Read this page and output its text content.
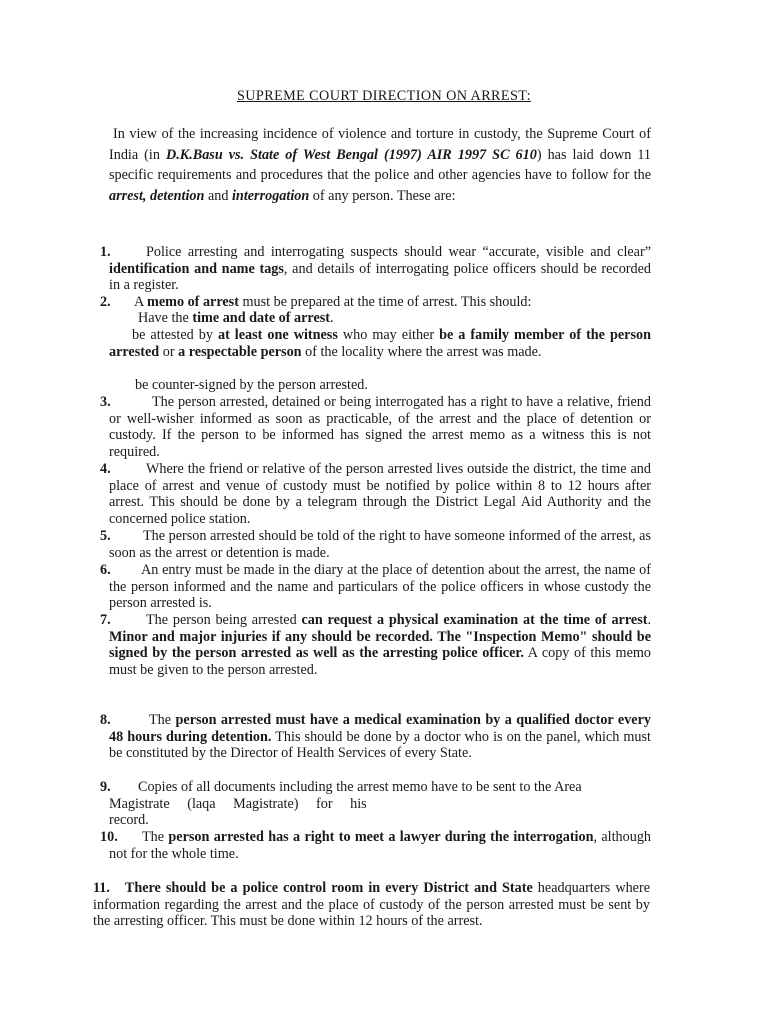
SUPREME COURT DIRECTION ON ARREST:

In view of the increasing incidence of violence and torture in custody, the Supreme Court of India (in D.K.Basu vs. State of West Bengal (1997) AIR 1997 SC 610) has laid down 11 specific requirements and procedures that the police and other agencies have to follow for the arrest, detention and interrogation of any person. These are:

1.	Police arresting and interrogating suspects should wear “accurate, visible and clear” identification and name tags, and details of interrogating police officers should be recorded in a register.

2.	A memo of arrest must be prepared at the time of arrest. This should:

Have the time and date of arrest.

be attested by at least one witness who may either be a family member of the person arrested or a respectable person of the locality where the arrest was made.

be counter-signed by the person arrested.
3.	The person arrested, detained or being interrogated has a right to have a relative, friend or well-wisher informed as soon as practicable, of the arrest and the place of detention or custody. If the person to be informed has signed the arrest memo as a witness this is not required.

4.	Where the friend or relative of the person arrested lives outside the district, the time and place of arrest and venue of custody must be notified by police within 8 to 12 hours after arrest. This should be done by a telegram through the District Legal Aid Authority and the concerned police station.

5.	The person arrested should be told of the right to have someone informed of the arrest, as soon as the arrest or detention is made.

6.	An entry must be made in the diary at the place of detention about the arrest, the name of the person informed and the name and particulars of the police officers in whose custody the person arrested is.

7.	The person being arrested can request a physical examination at the time of arrest. Minor and major injuries if any should be recorded. The "Inspection Memo" should be signed by the person arrested as well as the arresting police officer. A copy of this memo must be given to the person arrested.

8.	The person arrested must have a medical examination by a qualified doctor every 48 hours during detention. This should be done by a doctor who is on the panel, which must be constituted by the Director of Health Services of every State.

9. Copies of all documents including the arrest memo have to be sent to the Area
Magistrate (laqa Magistrate) for his
record.
10.	The person arrested has a right to meet a lawyer during the interrogation, although not for the whole time.

11. There should be a police control room in every District and State headquarters where information regarding the arrest and the place of custody of the person arrested must be sent by the arresting officer. This must be done within 12 hours of the arrest.
